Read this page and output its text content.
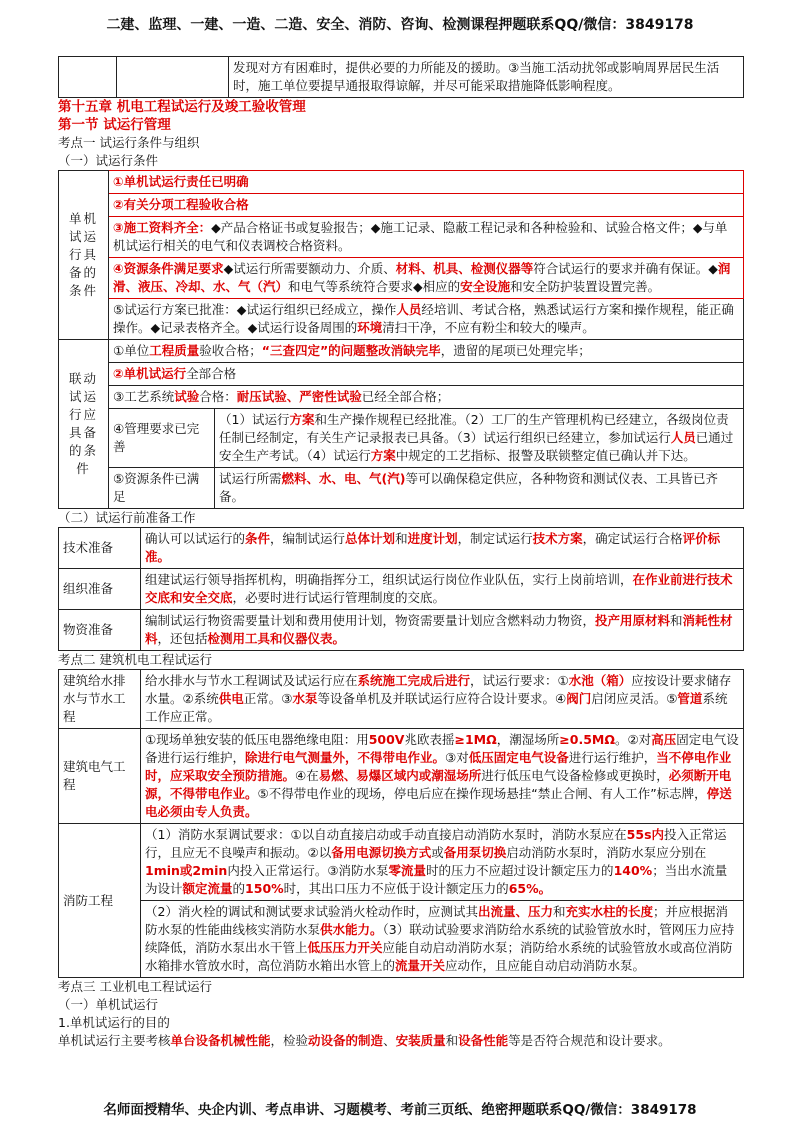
二建、监理、一建、一造、二造、安全、消防、咨询、检测课程押题联系QQ/微信：3849178
		发现对方有困难时，提供必要的力所能及的援助。③当施工活动扰邻或影响周界居民生活时，施工单位要提早通报取得谅解，并尽可能采取措施降低影响程度。

第十五章 机电工程试运行及竣工验收管理

第一节 试运行管理

考点一 试运行条件与组织

（一）试运行条件

单机试运行具备的条件	①单机试运行责任已明确	
	②有关分项工程验收合格	
	③施工资料齐全：◆产品合格证书或复验报告；◆施工记录、隐蔽工程记录和各种检验和、试验合格文件；◆与单机试运行相关的电气和仪表调校合格资料。	
	④资源条件满足要求◆试运行所需要额动力、介质、材料、机具、检测仪器等符合试运行的要求并确有保证。◆润滑、液压、冷却、水、气（汽）和电气等系统符合要求◆相应的安全设施和安全防护装置设置完善。	
	⑤试运行方案已批准：◆试运行组织已经成立，操作人员经培训、考试合格，熟悉试运行方案和操作规程，能正确操作。◆记录表格齐全。◆试运行设备周围的环境清扫干净，不应有粉尘和较大的噪声。	
联动试运行应具备的条件	①单位工程质量验收合格；“三查四定”的问题整改消缺完毕，遗留的尾项已处理完毕；	
	②单机试运行全部合格	
	③工艺系统试验合格：耐压试验、严密性试验已经全部合格；	
	④管理要求已完善	（1）试运行方案和生产操作规程已经批准。（2）工厂的生产管理机构已经建立，各级岗位责任制已经制定，有关生产记录报表已具备。（3）试运行组织已经建立，参加试运行人员已通过安全生产考试。（4）试运行方案中规定的工艺指标、报警及联锁整定值已确认并下达。
	⑤资源条件已满足	试运行所需燃料、水、电、气(汽)等可以确保稳定供应，各种物资和测试仪表、工具皆已齐备。

（二）试运行前准备工作

技术准备	确认可以试运行的条件，编制试运行总体计划和进度计划，制定试运行技术方案，确定试运行合格评价标准。
组织准备	组建试运行领导指挥机构，明确指挥分工，组织试运行岗位作业队伍，实行上岗前培训，在作业前进行技术交底和安全交底，必要时进行试运行管理制度的交底。
物资准备	编制试运行物资需要量计划和费用使用计划，物资需要量计划应含燃料动力物资，投产用原材料和消耗性材料，还包括检测用工具和仪器仪表。

考点二 建筑机电工程试运行

建筑给水排水与节水工程	给水排水与节水工程调试及试运行应在系统施工完成后进行，试运行要求：①水池（箱）应按设计要求储存水量。②系统供电正常。③水泵等设备单机及并联试运行应符合设计要求。④阀门启闭应灵活。⑤管道系统工作应正常。
建筑电气工程	①现场单独安装的低压电器绝缘电阻：用500V兆欧表摇≥1MΩ，潮湿场所≥0.5MΩ。②对高压固定电气设备进行运行维护，除进行电气测量外，不得带电作业。③对低压固定电气设备进行运行维护，当不停电作业时，应采取安全预防措施。④在易燃、易爆区域内或潮湿场所进行低压电气设备检修或更换时，必须断开电源，不得带电作业。⑤不得带电作业的现场，停电后应在操作现场悬挂“禁止合闸、有人工作”标志牌，停送电必须由专人负责。
消防工程	（1）消防水泵调试要求：①以自动直接启动或手动直接启动消防水泵时，消防水泵应在55s内投入正常运行，且应无不良噪声和振动。②以备用电源切换方式或备用泵切换启动消防水泵时，消防水泵应分别在1min或2min内投入正常运行。③消防水泵零流量时的压力不应超过设计额定压力的140%；当出水流量为设计额定流量的150%时，其出口压力不应低于设计额定压力的65%。
	（2）消火栓的调试和测试要求试验消火栓动作时，应测试其出流量、压力和充实水柱的长度；并应根据消防水泵的性能曲线核实消防水泵供水能力。（3）联动试验要求消防给水系统的试验管放水时，管网压力应持续降低，消防水泵出水干管上低压压力开关应能自动启动消防水泵；消防给水系统的试验管放水或高位消防水箱排水管放水时，高位消防水箱出水管上的流量开关应动作，且应能自动启动消防水泵。

考点三 工业机电工程试运行

（一）单机试运行

1.单机试运行的目的

单机试运行主要考核单台设备机械性能，检验动设备的制造、安装质量和设备性能等是否符合规范和设计要求。

名师面授精华、央企内训、考点串讲、习题模考、考前三页纸、绝密押题联系QQ/微信：3849178
